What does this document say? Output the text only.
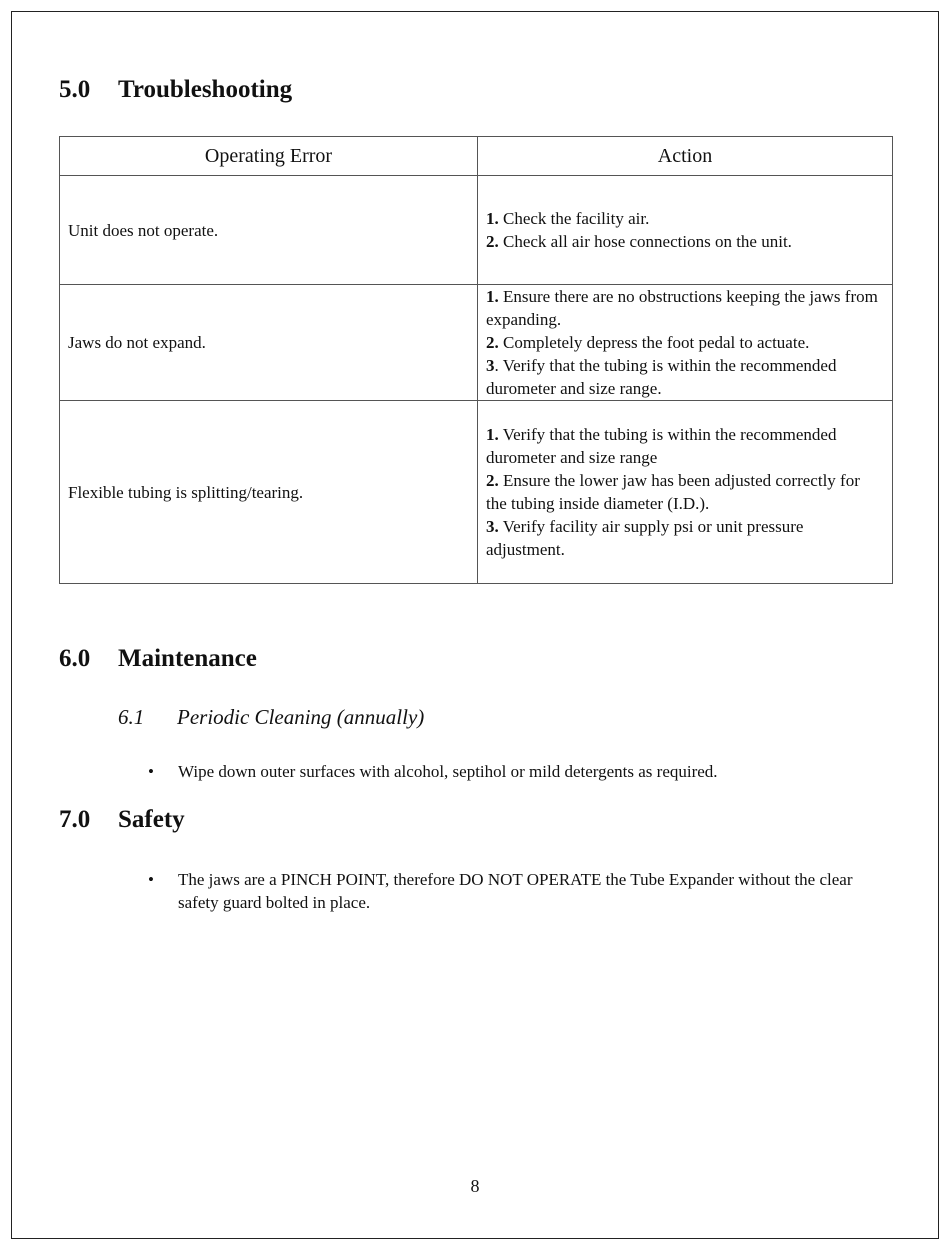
5.0	Troubleshooting
Operating Error	Action
Unit does not operate.	1. Check the facility air.
2. Check all air hose connections on the unit.

Jaws do not expand.	1. Ensure there are no obstructions keeping the jaws from expanding.
2. Completely depress the foot pedal to actuate.
3. Verify that the tubing is within the recommended durometer and size range.

Flexible tubing is splitting/tearing.	1. Verify that the tubing is within the recommended durometer and size range
2. Ensure the lower jaw has been adjusted correctly for the tubing inside diameter (I.D.).
3. Verify facility air supply psi or unit pressure adjustment.
6.0	Maintenance
6.1	Periodic Cleaning (annually)
•	Wipe down outer surfaces with alcohol, septihol or mild detergents as required.
7.0	Safety
•	The jaws are a PINCH POINT, therefore DO NOT OPERATE the Tube Expander without the clear safety guard bolted in place.
8
